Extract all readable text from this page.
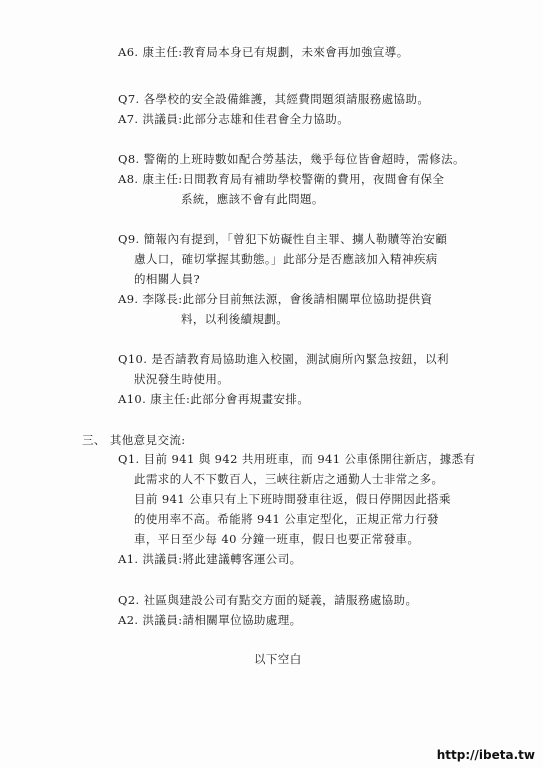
A6. 康主任:教育局本身已有規劃，未來會再加強宣導。
Q7. 各學校的安全設備維護，其經費問題須請服務處協助。
A7. 洪議員:此部分志雄和佳君會全力協助。
Q8. 警衛的上班時數如配合勞基法，幾乎每位皆會超時，需修法。
A8. 康主任:日間教育局有補助學校警衛的費用，夜間會有保全
系統，應該不會有此問題。
Q9. 簡報內有提到，「曾犯下妨礙性自主罪、擄人勒贖等治安顧
慮人口，確切掌握其動態。」此部分是否應該加入精神疾病
的相關人員?
A9. 李隊長:此部分目前無法源，會後請相關單位協助提供資
料，以利後續規劃。
Q10. 是否請教育局協助進入校園，測試廁所內緊急按鈕，以利
狀況發生時使用。
A10. 康主任:此部分會再規畫安排。
三、 其他意見交流:
Q1. 目前 941 與 942 共用班車，而 941 公車係開往新店，據悉有
此需求的人不下數百人，三峽往新店之通勤人士非常之多。
目前 941 公車只有上下班時間發車往返，假日停開因此搭乘
的使用率不高。希能將 941 公車定型化，正規正常力行發
車，平日至少每 40 分鐘一班車，假日也要正常發車。
A1. 洪議員:將此建議轉客運公司。
Q2. 社區與建設公司有點交方面的疑義，請服務處協助。
A2. 洪議員:請相關單位協助處理。
以下空白
http://ibeta.tw
